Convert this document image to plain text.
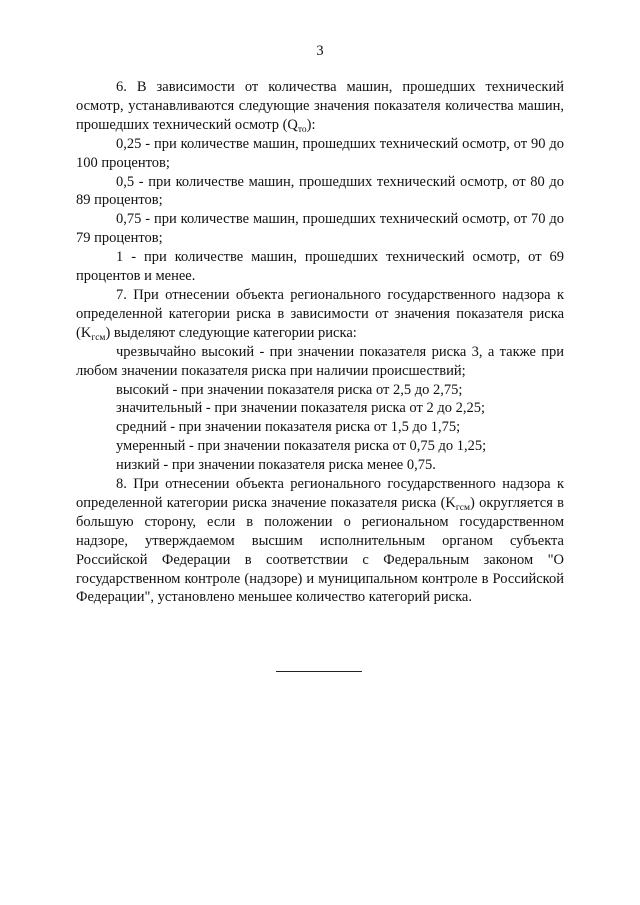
3

6. В зависимости от количества машин, прошедших технический осмотр, устанавливаются следующие значения показателя количества машин, прошедших технический осмотр $(Q_{то})$:

0,25 - при количестве машин, прошедших технический осмотр, от 90 до 100 процентов;

0,5 - при количестве машин, прошедших технический осмотр, от 80 до 89 процентов;

0,75 - при количестве машин, прошедших технический осмотр, от 70 до 79 процентов;

1 - при количестве машин, прошедших технический осмотр, от 69 процентов и менее.

7. При отнесении объекта регионального государственного надзора к определенной категории риска в зависимости от значения показателя риска $(K_{гсм})$ выделяют следующие категории риска:

чрезвычайно высокий - при значении показателя риска 3, а также при любом значении показателя риска при наличии происшествий;

высокий - при значении показателя риска от 2,5 до 2,75;

значительный - при значении показателя риска от 2 до 2,25;

средний - при значении показателя риска от 1,5 до 1,75;

умеренный - при значении показателя риска от 0,75 до 1,25;

низкий - при значении показателя риска менее 0,75.

8. При отнесении объекта регионального государственного надзора к определенной категории риска значение показателя риска $(K_{гсм})$ округляется в большую сторону, если в положении о региональном государственном надзоре, утверждаемом высшим исполнительным органом субъекта Российской Федерации в соответствии с Федеральным законом "О государственном контроле (надзоре) и муниципальном контроле в Российской Федерации", установлено меньшее количество категорий риска.
